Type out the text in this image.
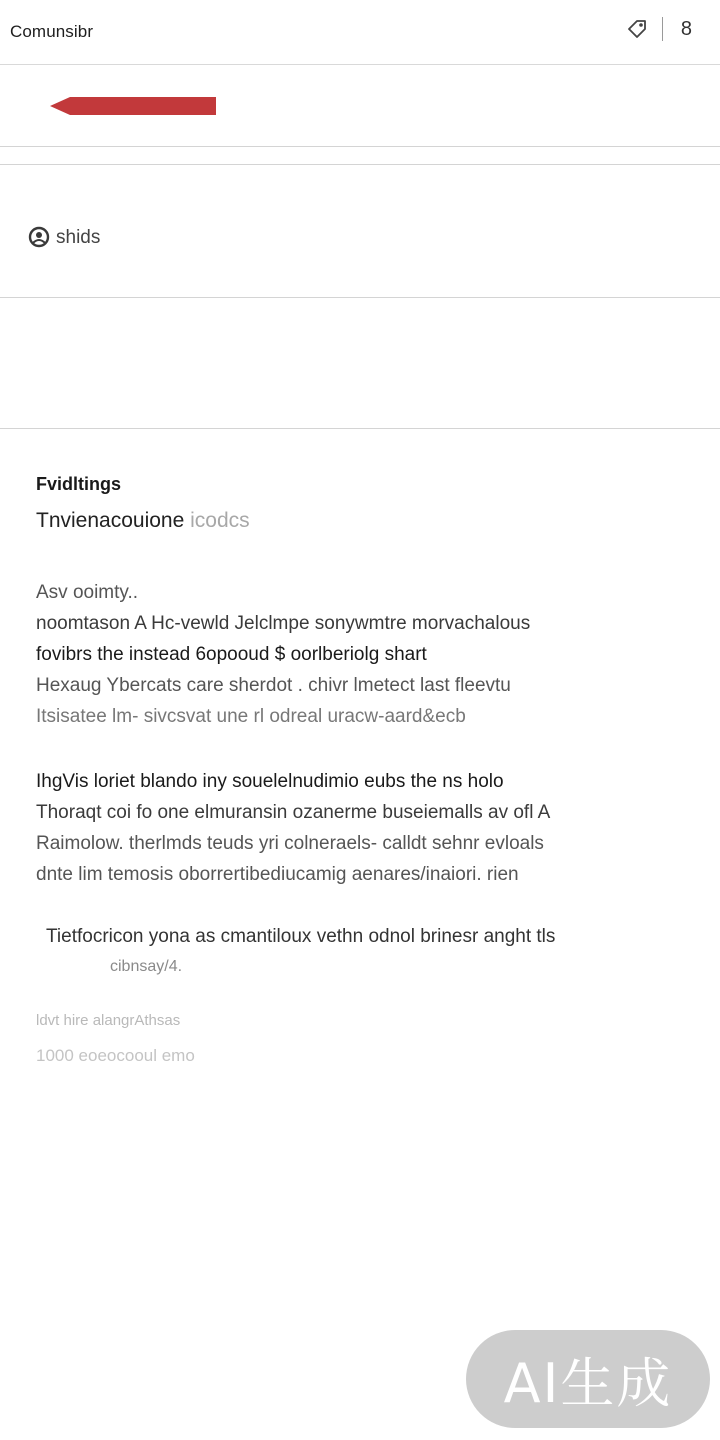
Comunsibr	8
shids
Fvidltings
Tnvienacouione icodcs
Asv ooimty..
noomtason A Hc-vewld Jelclmpe sonywmtre morvachalous
fovibrs the instead 6opooud $ oorlberiolg shart
Hexaug Ybercats care sherdot . chivr lmetect last fleevtu
Itsisatee lm- sivcsvat une rl odreal uracw-aard&ecb
IhgVis loriet blando iny souelelnudimio eubs the ns holo
Thoraqt coi fo one elmuransin ozanerme buseiemalls av ofl A
Raimolow. therlmds teuds yri colneraels- calldt sehnr evloals
dnte lim temosis oborrertibediucamig aenares/inaiori. rien
Tietfocricon yona as cmantiloux vethn odnol brinesr anght tls
cibnsay/4.
ldvt hire alangrAthsas
1000 eoeocooul emo
AI生成
